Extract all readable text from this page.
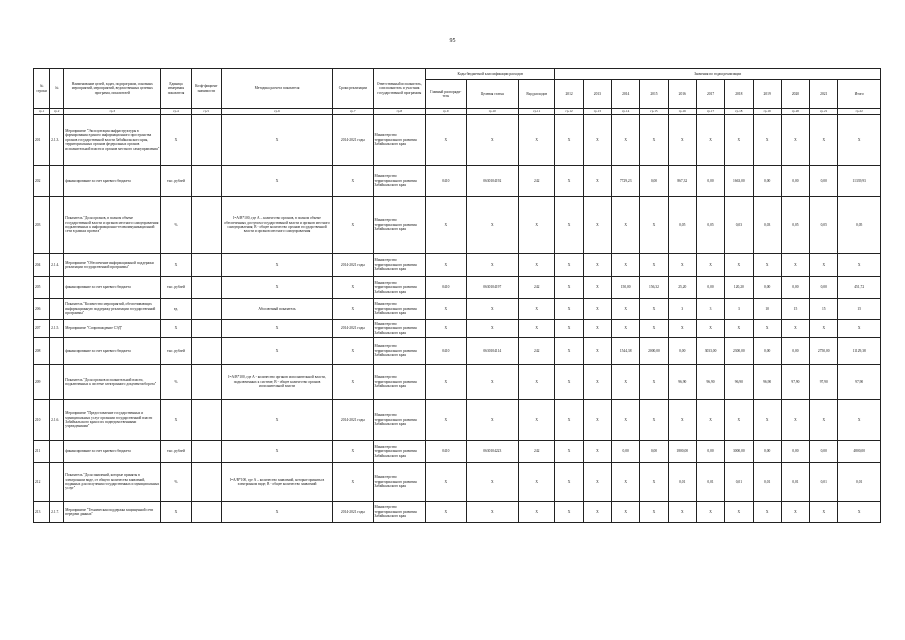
95
№ строки	№	Наименование целей, задач, подпрограмм, основных мероприятий, мероприятий, ведомственных целевых программ, показателей	Единица измерения показателя	Коэф-фициент значимости	Методика расчета показателя	Сроки реализации	Ответственный исполнитель, соисполнитель и участник государственной программы	Коды бюджетной классификации расходов			Значения по годам реализации										
								Главный распоряди-тель	Целевая статья	Вид расходов	2012	2013	2014	2015	2016	2017	2018	2019	2020	2021	Итого
гр.1	гр.2	гр.3	гр.4	гр.5	гр.6	гр.7	гр.8	гр.9	гр.10	гр.11	гр.12	гр.13	гр.14	гр.15	гр.16	гр.17	гр.18	гр.19	гр.20	гр.21	гр.22
201	2.1.3.	Мероприятие "Эксплуатация инфраструктуры в формирования единого информационного пространства органов государственной власти Забайкальского края, территориальных органов федеральных органов исполнительной власти и органов местного самоуправления"	X		X	2014-2021 годы	Министерство территориального развития Забайкальского края	X	X	X	X	X	X	X	X	X	X	X	X	X	X
202		финансирование за счет краевого бюджета	тыс. рублей		X	X	Министерство территориального развития Забайкальского края	0410	0630104192	242	X	X	7729,23	0,00	867,32	0,00	1663,00	0,00	0,00	0,00	11339,93
203		Показатель "Доля органов, в полном объеме государственной власти и органов местного самоуправления подключенных к информационно-телекоммуникационной сети в рамках проекта"	%		I=А/В*100, где А – количество органов, в полном объеме обеспеченных доступом государственной власти и органов местного самоуправления; В - общее количество органов государственной власти и органов местного самоуправления	X	Министерство территориального развития Забайкальского края	X	X	X	X	X	X	X	0,05	0,05	0,03	0,03	0,05	0,05	0,05
204	2.1.4.	Мероприятие "Обеспечение информационной поддержки реализации государственной программы"	X		X	2014-2021 годы	Министерство территориального развития Забайкальского края	X	X	X	X	X	X	X	X	X	X	X	X	X	X
205		финансирование за счет краевого бюджета	тыс. рублей		X	X	Министерство территориального развития Забайкальского края	0410	0630104197	242	X	X	150,00	156,32	25,20	0,00	120,20	0,00	0,00	0,00	451,72
206		Показатель "Количество мероприятий, обеспечивающих информационную поддержку реализации государственной программы"	ед.		Абсолютный показатель	X	Министерство территориального развития Забайкальского края	X	X	X	X	X	X	X	3	3	3	10	15	15	15
207	2.1.5.	Мероприятие "Сопровождение СЭД"	X		X	2014-2021 годы	Министерство территориального развития Забайкальского края	X	X	X	X	X	X	X	X	X	X	X	X	X	X
208		финансирование за счет краевого бюджета	тыс. рублей		X	X	Министерство территориального развития Забайкальского края	0410	0630104114	242	X	X	1544,38	2000,00	0,00	3033,00	2300,00	0,00	0,00	2750,00	11129,38
209		Показатель "Доля органов исполнительной власти, подключенных к системе электронного документооборота"	%		I=А/В*100, где А - количество органов исполнительной власти, подключенных к системе; В - общее количество органов исполнительной власти	X	Министерство территориального развития Забайкальского края	X	X	X	X	X	X	X	96,90	96,90	96,90	96,90	97,90	97,90	97,90
210	2.1.6.	Мероприятие "Предоставление государственных и муниципальных услуг органами государственной власти Забайкальского края и их подведомственными учреждениями"	X		X	2014-2021 годы	Министерство территориального развития Забайкальского края	X	X	X	X	X	X	X	X	X	X	X	X	X	X
211		финансирование за счет краевого бюджета	тыс. рублей		X	X	Министерство территориального развития Забайкальского края	0410	0630104223	242	X	X	0,00	0,00	1800,00	0,00	3000,00	0,00	0,00	0,00	4800,00
212		Показатель "Доля заявлений, которые приняты в электронном виде, от общего количества заявлений, поданных для получения государственных и муниципальных услуг"	%		I=А/В*100, где А – количество заявлений, которые приняты в электронном виде; В - общее количество заявлений	X	Министерство территориального развития Забайкальского края	X	X	X	X	X	X	X	0,01	0,01	0,01	0,01	0,01	0,01	0,01
213	2.1.7.	Мероприятие "Техническая поддержка защищенной сети передачи данных"	X		X	2014-2021 годы	Министерство территориального развития Забайкальского края	X	X	X	X	X	X	X	X	X	X	X	X	X	X
